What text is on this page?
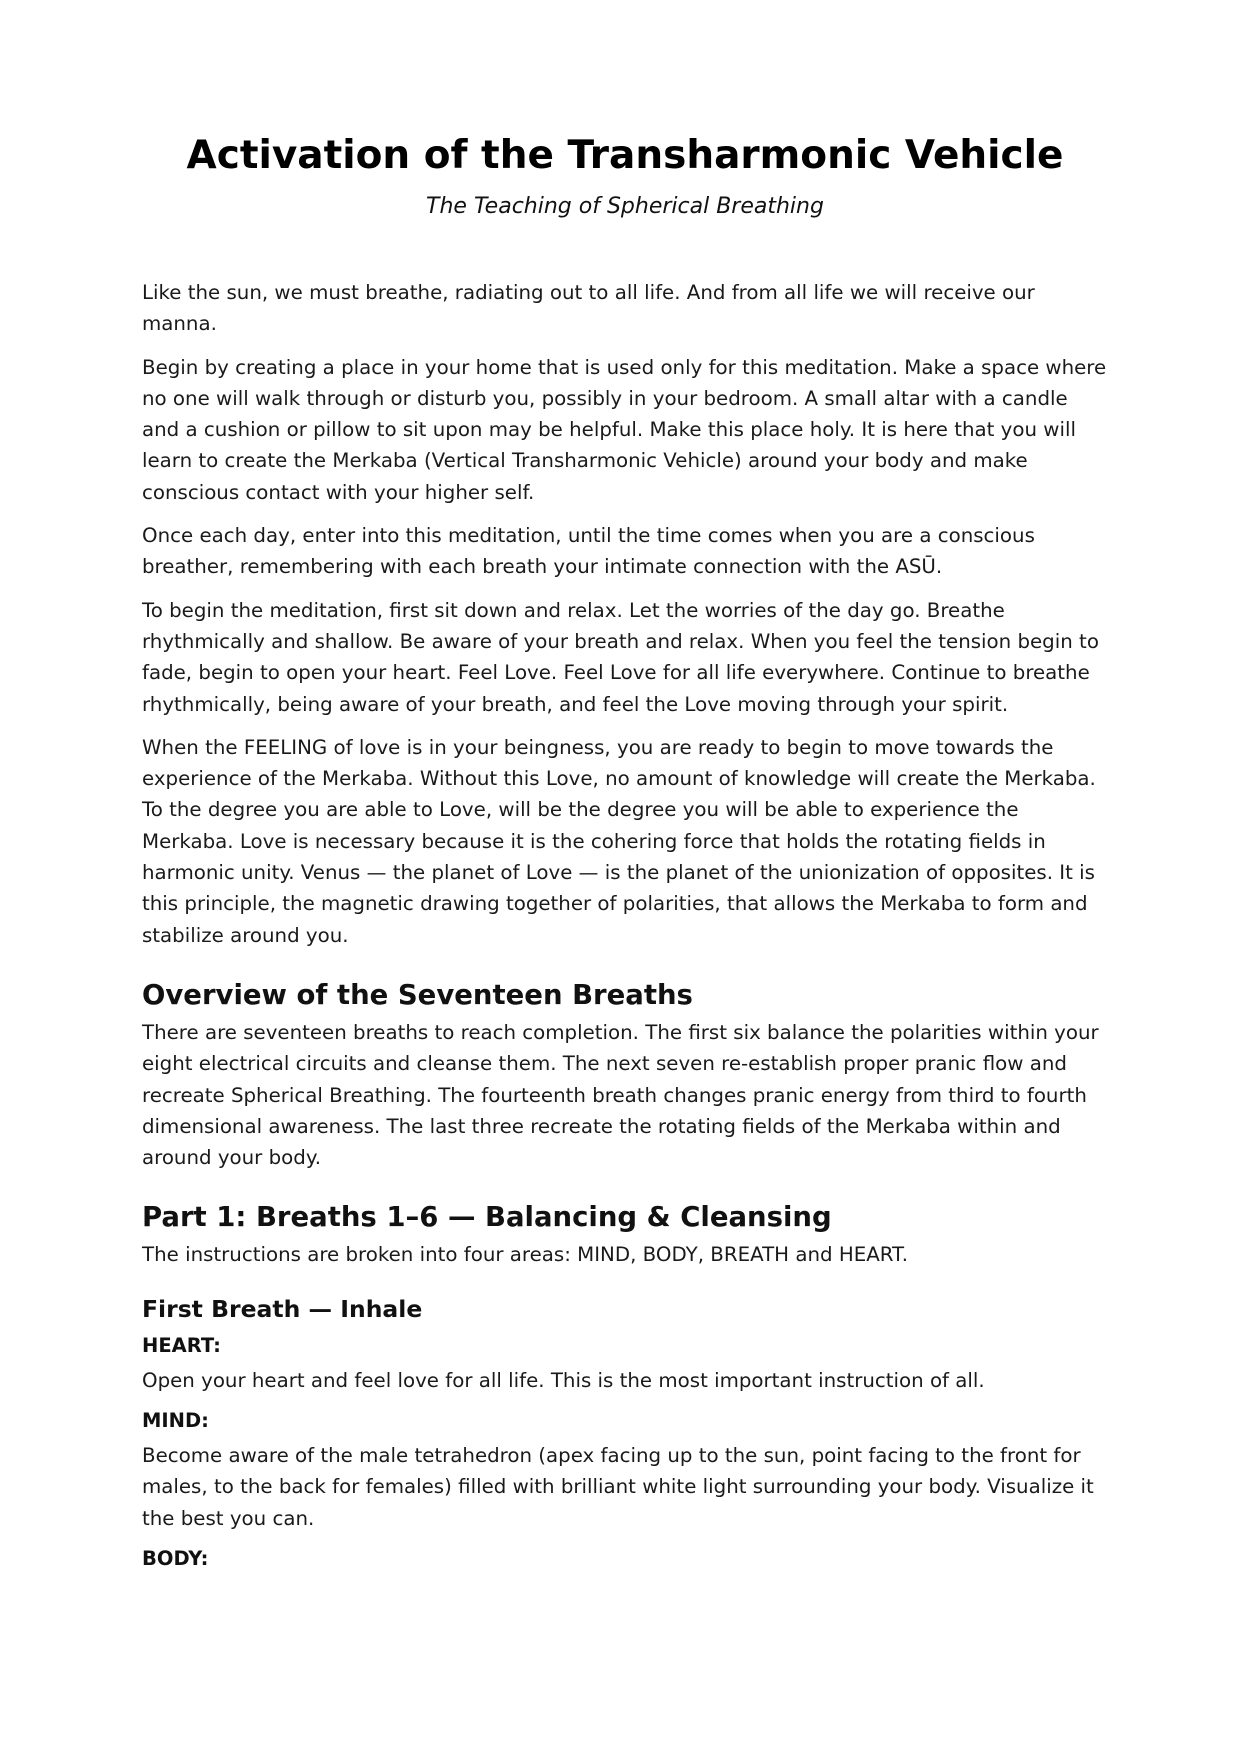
Activation of the Transharmonic Vehicle
The Teaching of Spherical Breathing

Like the sun, we must breathe, radiating out to all life. And from all life we will receive our manna.

Begin by creating a place in your home that is used only for this meditation. Make a space where no one will walk through or disturb you, possibly in your bedroom. A small altar with a candle and a cushion or pillow to sit upon may be helpful. Make this place holy. It is here that you will learn to create the Merkaba (Vertical Transharmonic Vehicle) around your body and make conscious contact with your higher self.

Once each day, enter into this meditation, until the time comes when you are a conscious breather, remembering with each breath your intimate connection with the ASŪ.

To begin the meditation, first sit down and relax. Let the worries of the day go. Breathe rhythmically and shallow. Be aware of your breath and relax. When you feel the tension begin to fade, begin to open your heart. Feel Love. Feel Love for all life everywhere. Continue to breathe rhythmically, being aware of your breath, and feel the Love moving through your spirit.

When the FEELING of love is in your beingness, you are ready to begin to move towards the experience of the Merkaba. Without this Love, no amount of knowledge will create the Merkaba. To the degree you are able to Love, will be the degree you will be able to experience the Merkaba. Love is necessary because it is the cohering force that holds the rotating fields in harmonic unity. Venus — the planet of Love — is the planet of the unionization of opposites. It is this principle, the magnetic drawing together of polarities, that allows the Merkaba to form and stabilize around you.

Overview of the Seventeen Breaths

There are seventeen breaths to reach completion. The first six balance the polarities within your eight electrical circuits and cleanse them. The next seven re-establish proper pranic flow and recreate Spherical Breathing. The fourteenth breath changes pranic energy from third to fourth dimensional awareness. The last three recreate the rotating fields of the Merkaba within and around your body.

Part 1: Breaths 1–6 — Balancing & Cleansing

The instructions are broken into four areas: MIND, BODY, BREATH and HEART.

First Breath — Inhale
HEART:

Open your heart and feel love for all life. This is the most important instruction of all.

MIND:

Become aware of the male tetrahedron (apex facing up to the sun, point facing to the front for males, to the back for females) filled with brilliant white light surrounding your body. Visualize it the best you can.

BODY:
